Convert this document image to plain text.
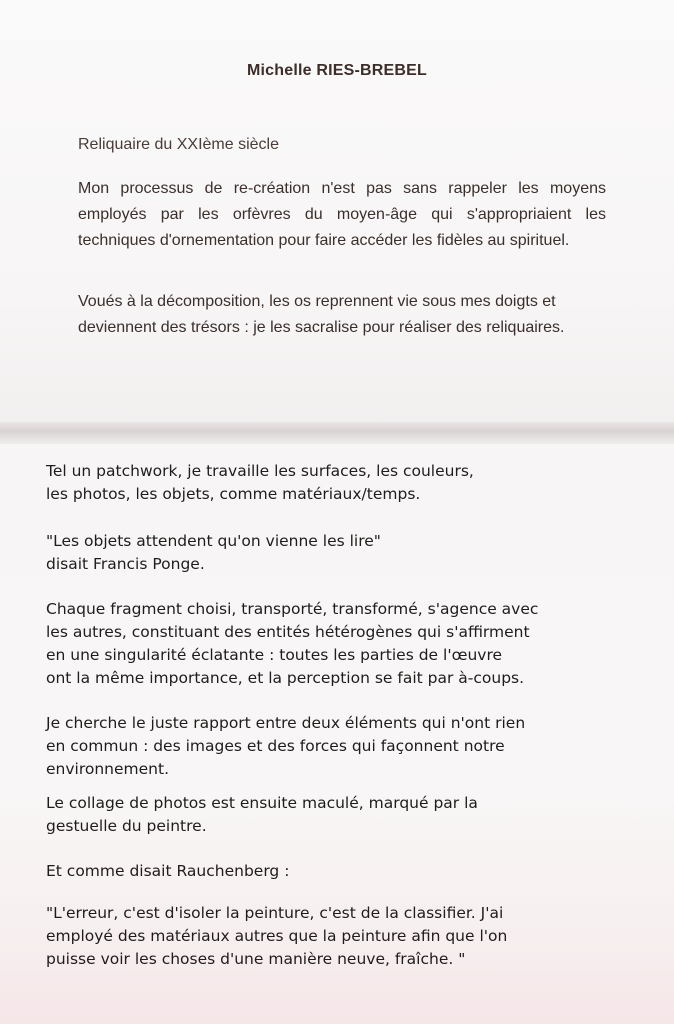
Michelle RIES-BREBEL
Reliquaire du XXIème siècle

Mon processus de re-création n'est pas sans rappeler les moyens employés par les orfèvres du moyen-âge qui s'appropriaient les techniques d'ornementation pour faire accéder les fidèles au spirituel.

Voués à la décomposition, les os reprennent vie sous mes doigts et deviennent des trésors : je les sacralise pour réaliser des reliquaires.

Tel un patchwork, je travaille les surfaces, les couleurs,
les photos, les objets, comme matériaux/temps.

"Les objets attendent qu'on vienne les lire"
disait Francis Ponge.

Chaque fragment choisi, transporté, transformé, s'agence avec
les autres, constituant des entités hétérogènes qui s'affirment
en une singularité éclatante : toutes les parties de l'œuvre
ont la même importance, et la perception se fait par à-coups.

Je cherche le juste rapport entre deux éléments qui n'ont rien
en commun : des images et des forces qui façonnent notre
environnement.

Le collage de photos est ensuite maculé, marqué par la
gestuelle du peintre.

Et comme disait Rauchenberg :

"L'erreur, c'est d'isoler la peinture, c'est de la classifier. J'ai
employé des matériaux autres que la peinture afin que l'on
puisse voir les choses d'une manière neuve, fraîche. "
